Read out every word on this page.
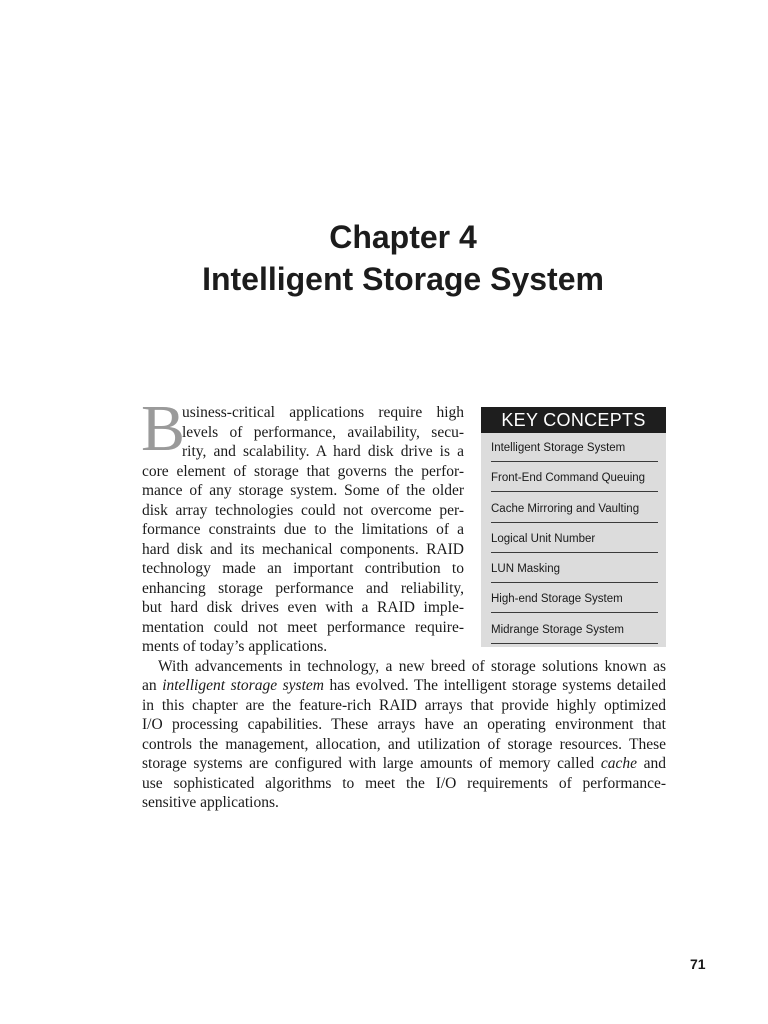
Chapter 4
Intelligent Storage System
B
usiness-critical applications require high
levels of performance, availability, secu-
rity, and scalability. A hard disk drive is a
core element of storage that governs the perfor-
mance of any storage system. Some of the older
disk array technologies could not overcome per-
formance constraints due to the limitations of a
hard disk and its mechanical components. RAID
technology made an important contribution to
enhancing storage performance and reliability,
but hard disk drives even with a RAID imple-
mentation could not meet performance require-
ments of today’s applications.
With advancements in technology, a new breed of storage solutions known as
an intelligent storage system has evolved. The intelligent storage systems detailed
in this chapter are the feature-rich RAID arrays that provide highly optimized
I/O processing capabilities. These arrays have an operating environment that
controls the management, allocation, and utilization of storage resources. These
storage systems are configured with large amounts of memory called cache and
use sophisticated algorithms to meet the I/O requirements of performance-
sensitive applications.
KEY CONCEPTS
Intelligent Storage System
Front-End Command Queuing
Cache Mirroring and Vaulting
Logical Unit Number
LUN Masking
High-end Storage System
Midrange Storage System
71
